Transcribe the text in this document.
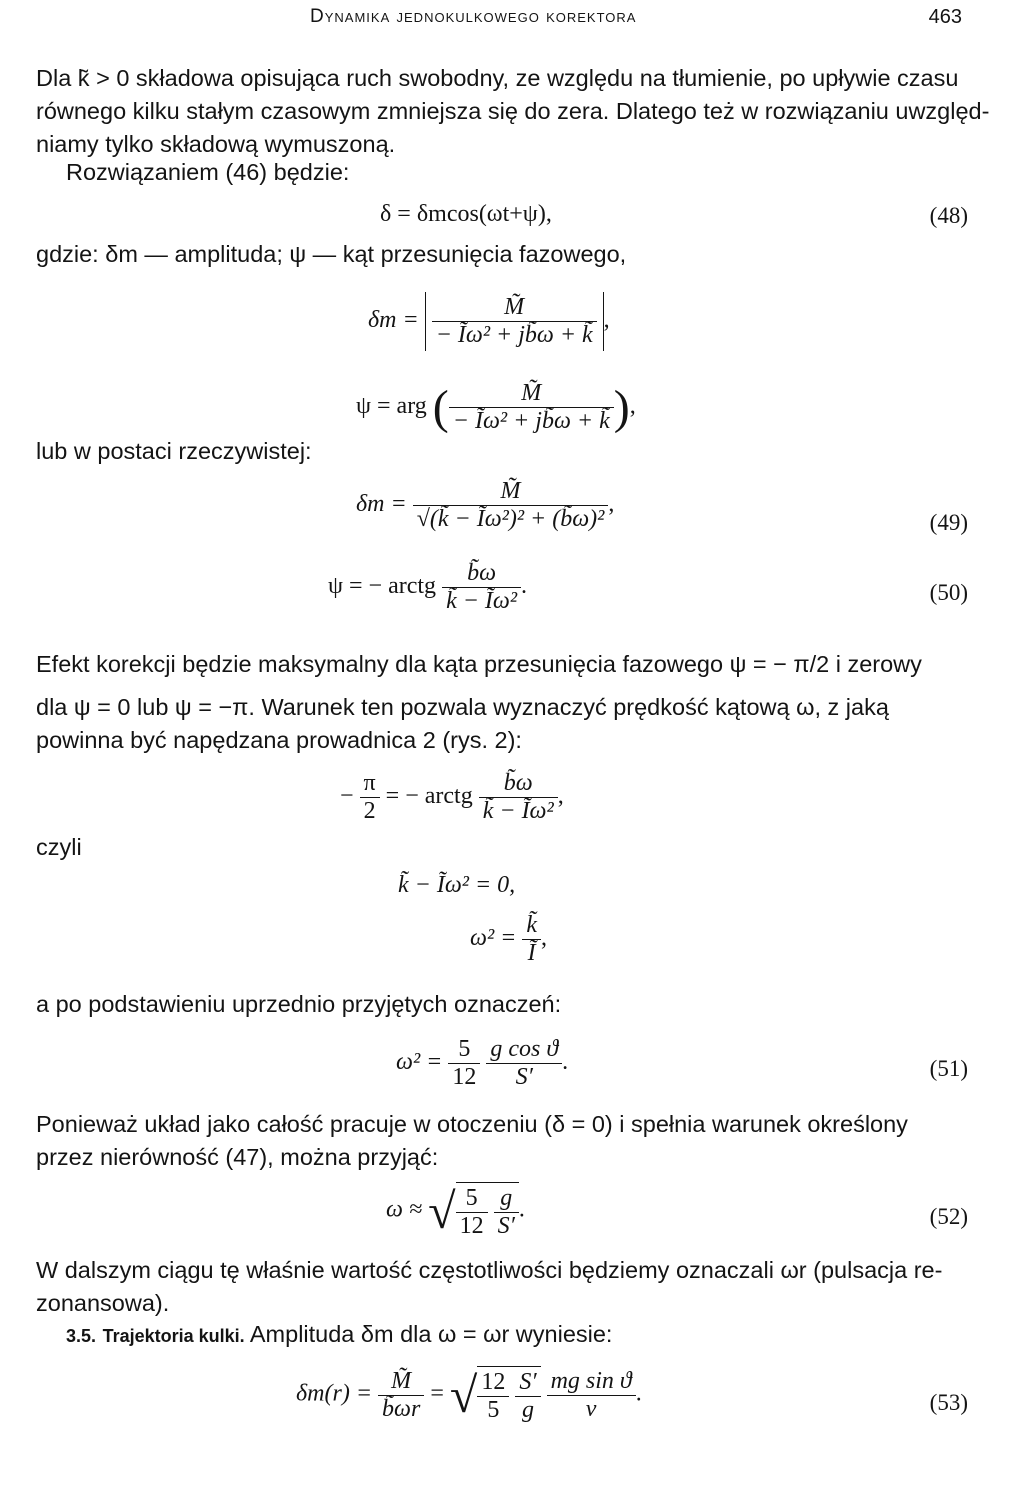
Dynamika jednokulkowego korektora	463
Dla k̃ > 0 składowa opisująca ruch swobodny, ze względu na tłumienie, po upływie czasu
równego kilku stałym czasowym zmniejsza się do zera. Dlatego też w rozwiązaniu uwzględ-
niamy tylko składową wymuszoną.
Rozwiązaniem (46) będzie:
δ = δmcos(ωt+ψ),	(48)
gdzie: δm — amplituda; ψ — kąt przesunięcia fazowego,
$\delta m = \frac{M̃}{\text{− Ĩω² + jb̃ω + k̃}}$ ,
ψ = arg ( $\frac{M̃}{\text{− Ĩω² + jb̃ω + k̃}}$ ),
lub w postaci rzeczywistej:
$\delta m = \frac{M̃}{\text{√(k̃ − Ĩω²)² + (b̃ω)²}}$ ,
(49)
ψ = − arctg $\frac{b̃\omega}{\text{k̃ − Ĩω²}}$ .	(50)
Efekt korekcji będzie maksymalny dla kąta przesunięcia fazowego ψ = − π/2 i zerowy
dla ψ = 0 lub ψ = −π. Warunek ten pozwala wyznaczyć prędkość kątową ω, z jaką
powinna być napędzana prowadnica 2 (rys. 2):
− $\frac{\pi}{2}$ = − arctg $\frac{b̃\omega}{\text{k̃ − Ĩω²}}$ ,
czyli
k̃ − Ĩω² = 0,
$\omega^2 = \frac{k̃}{Ĩ}$ ,
a po podstawieniu uprzednio przyjętych oznaczeń:
$\omega^2 = \frac{5}{12}$
$\frac{\text{g cos ϑ}}{S'}$ .	(51)
Ponieważ układ jako całość pracuje w otoczeniu (δ = 0) i spełnia warunek określony
przez nierówność (47), można przyjąć:
ω ≈ √ $\frac{5}{12}$
$\frac{g}{S'}$ .	(52)
W dalszym ciągu tę właśnie wartość częstotliwości będziemy oznaczali ωr (pulsacja re-
zonansowa).
3.5. Trajektoria kulki. Amplituda δm dla ω = ωr wyniesie:
$\delta m(r) = \frac{M̃}{b̃\omega r}$ = √ $\frac{12}{5}$
$\frac{S'}{g}$
$\frac{\text{mg sin ϑ}}{\nu}$ .	(53)
